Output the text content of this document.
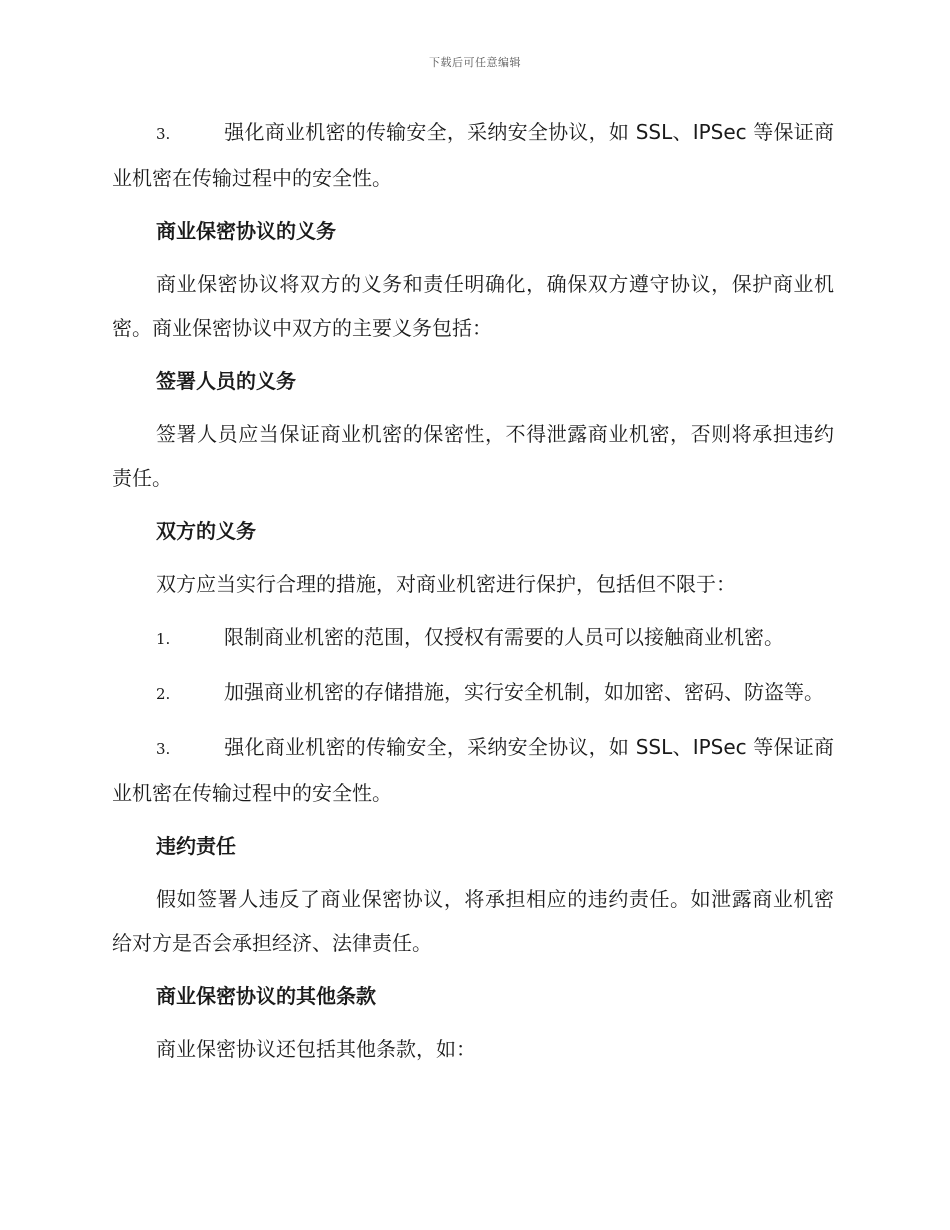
下载后可任意编辑
3.	强化商业机密的传输安全，采纳安全协议，如 SSL、IPSec 等保证商业机密在传输过程中的安全性。
商业保密协议的义务
商业保密协议将双方的义务和责任明确化，确保双方遵守协议，保护商业机密。商业保密协议中双方的主要义务包括：
签署人员的义务
签署人员应当保证商业机密的保密性，不得泄露商业机密，否则将承担违约责任。
双方的义务
双方应当实行合理的措施，对商业机密进行保护，包括但不限于：
1.	限制商业机密的范围，仅授权有需要的人员可以接触商业机密。
2.	加强商业机密的存储措施，实行安全机制，如加密、密码、防盗等。
3.	强化商业机密的传输安全，采纳安全协议，如 SSL、IPSec 等保证商业机密在传输过程中的安全性。
违约责任
假如签署人违反了商业保密协议，将承担相应的违约责任。如泄露商业机密给对方是否会承担经济、法律责任。
商业保密协议的其他条款
商业保密协议还包括其他条款，如：
